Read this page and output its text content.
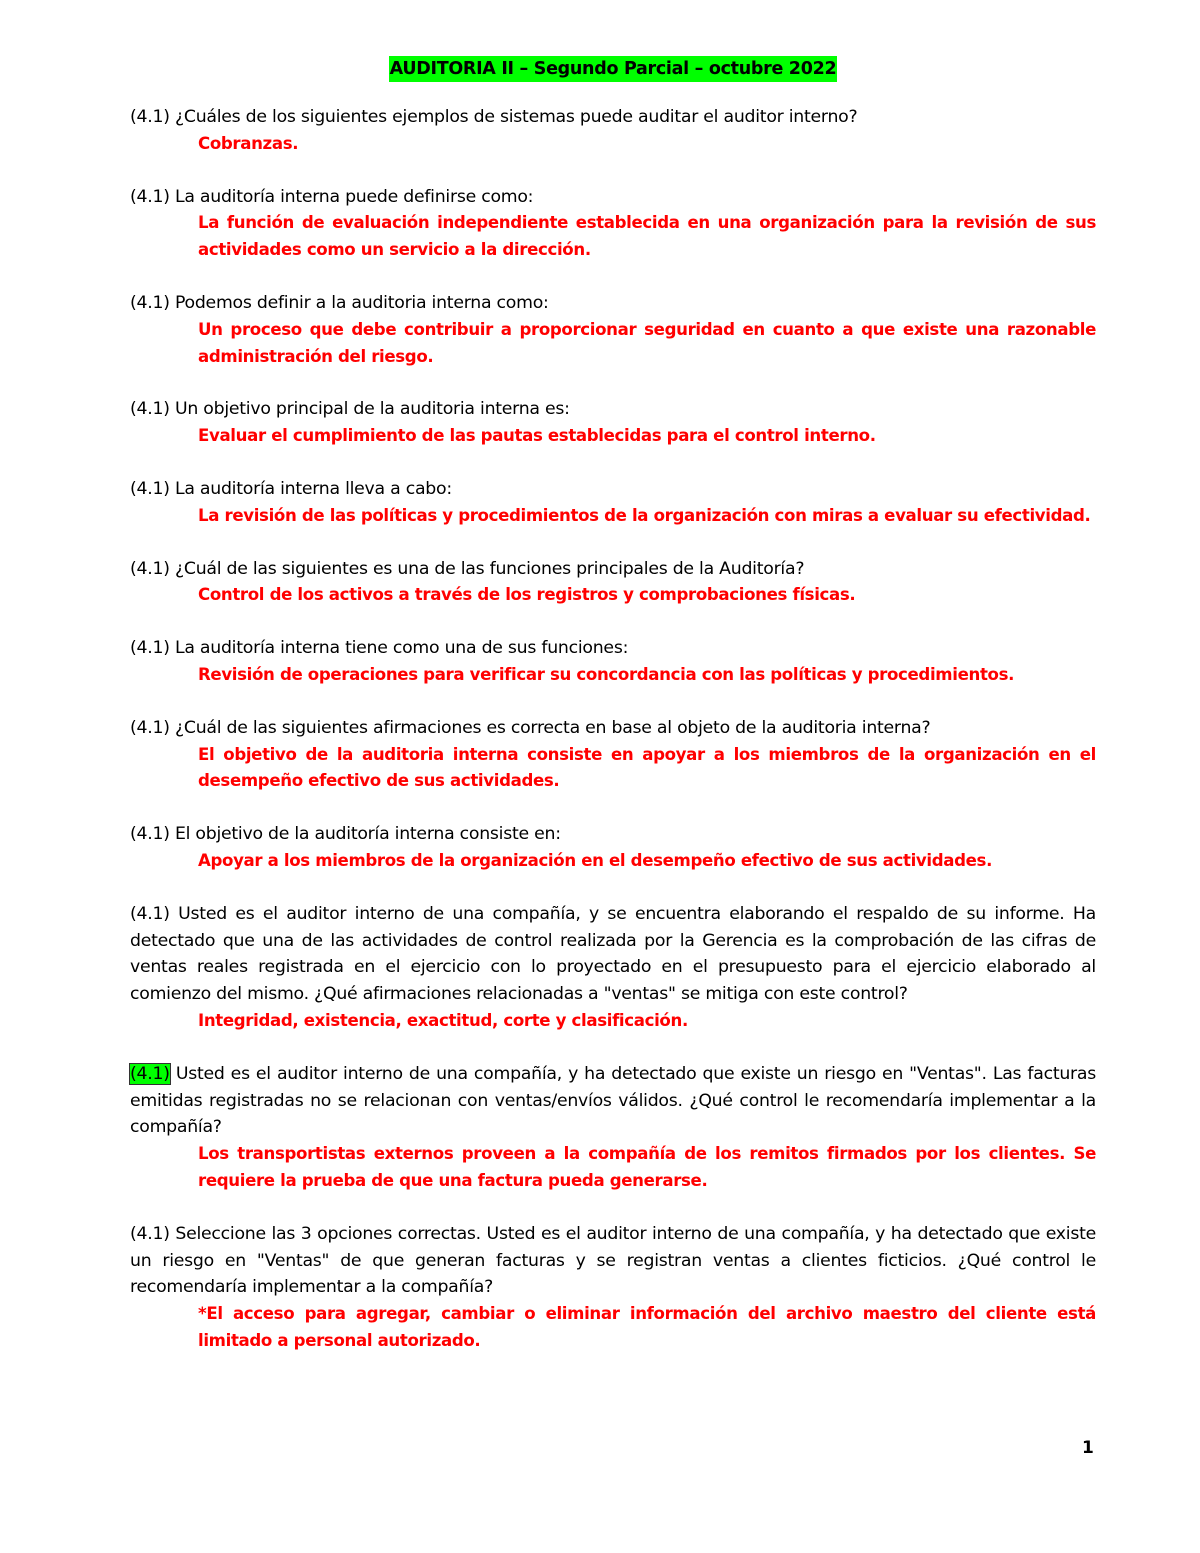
AUDITORIA II – Segundo Parcial – octubre 2022
(4.1) ¿Cuáles de los siguientes ejemplos de sistemas puede auditar el auditor interno?
Cobranzas.
(4.1) La auditoría interna puede definirse como:
La función de evaluación independiente establecida en una organización para la revisión de sus actividades como un servicio a la dirección.
(4.1) Podemos definir a la auditoria interna como:
Un proceso que debe contribuir a proporcionar seguridad en cuanto a que existe una razonable administración del riesgo.
(4.1) Un objetivo principal de la auditoria interna es:
Evaluar el cumplimiento de las pautas establecidas para el control interno.
(4.1) La auditoría interna lleva a cabo:
La revisión de las políticas y procedimientos de la organización con miras a evaluar su efectividad.
(4.1) ¿Cuál de las siguientes es una de las funciones principales de la Auditoría?
Control de los activos a través de los registros y comprobaciones físicas.
(4.1) La auditoría interna tiene como una de sus funciones:
Revisión de operaciones para verificar su concordancia con las políticas y procedimientos.
(4.1) ¿Cuál de las siguientes afirmaciones es correcta en base al objeto de la auditoria interna?
El objetivo de la auditoria interna consiste en apoyar a los miembros de la organización en el desempeño efectivo de sus actividades.
(4.1) El objetivo de la auditoría interna consiste en:
Apoyar a los miembros de la organización en el desempeño efectivo de sus actividades.
(4.1) Usted es el auditor interno de una compañía, y se encuentra elaborando el respaldo de su informe. Ha detectado que una de las actividades de control realizada por la Gerencia es la comprobación de las cifras de ventas reales registrada en el ejercicio con lo proyectado en el presupuesto para el ejercicio elaborado al comienzo del mismo. ¿Qué afirmaciones relacionadas a "ventas" se mitiga con este control?
Integridad, existencia, exactitud, corte y clasificación.
(4.1) Usted es el auditor interno de una compañía, y ha detectado que existe un riesgo en "Ventas". Las facturas emitidas registradas no se relacionan con ventas/envíos válidos. ¿Qué control le recomendaría implementar a la compañía?
Los transportistas externos proveen a la compañía de los remitos firmados por los clientes. Se requiere la prueba de que una factura pueda generarse.
(4.1) Seleccione las 3 opciones correctas. Usted es el auditor interno de una compañía, y ha detectado que existe un riesgo en "Ventas" de que generan facturas y se registran ventas a clientes ficticios. ¿Qué control le recomendaría implementar a la compañía?
*El acceso para agregar, cambiar o eliminar información del archivo maestro del cliente está limitado a personal autorizado.
1
